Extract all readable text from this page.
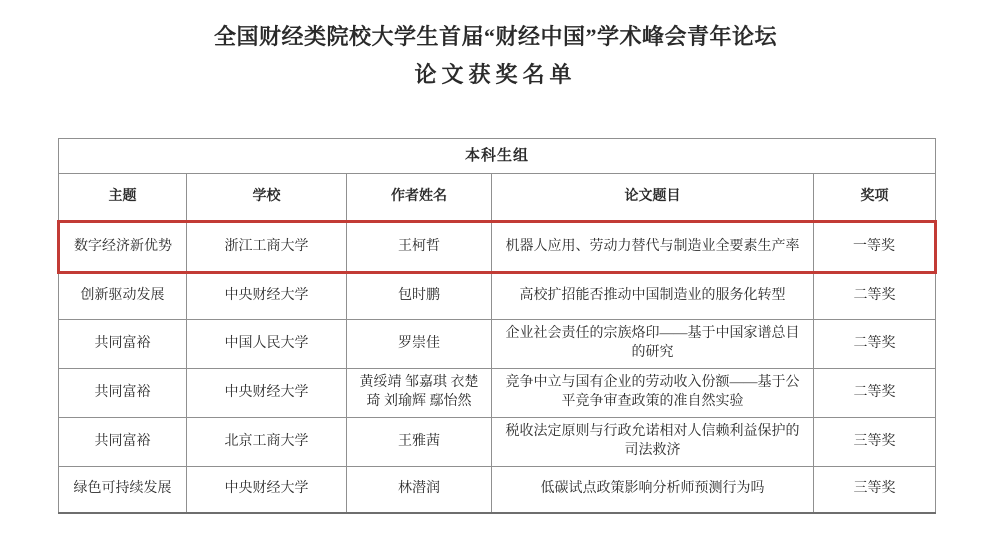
全国财经类院校大学生首届“财经中国”学术峰会青年论坛
论文获奖名单
本科生组				
主题	学校	作者姓名	论文题目	奖项
数字经济新优势	浙江工商大学	王柯哲	机器人应用、劳动力替代与制造业全要素生产率	一等奖
创新驱动发展	中央财经大学	包时鹏	高校扩招能否推动中国制造业的服务化转型	二等奖
共同富裕	中国人民大学	罗崇佳	企业社会责任的宗族烙印——基于中国家谱总目的研究	二等奖
共同富裕	中央财经大学	黄绥靖 邹嘉琪 衣楚琦 刘瑜辉 鄢怡然	竞争中立与国有企业的劳动收入份额——基于公平竞争审查政策的准自然实验	二等奖
共同富裕	北京工商大学	王雅茜	税收法定原则与行政允诺相对人信赖利益保护的司法救济	三等奖
绿色可持续发展	中央财经大学	林潜润	低碳试点政策影响分析师预测行为吗	三等奖
